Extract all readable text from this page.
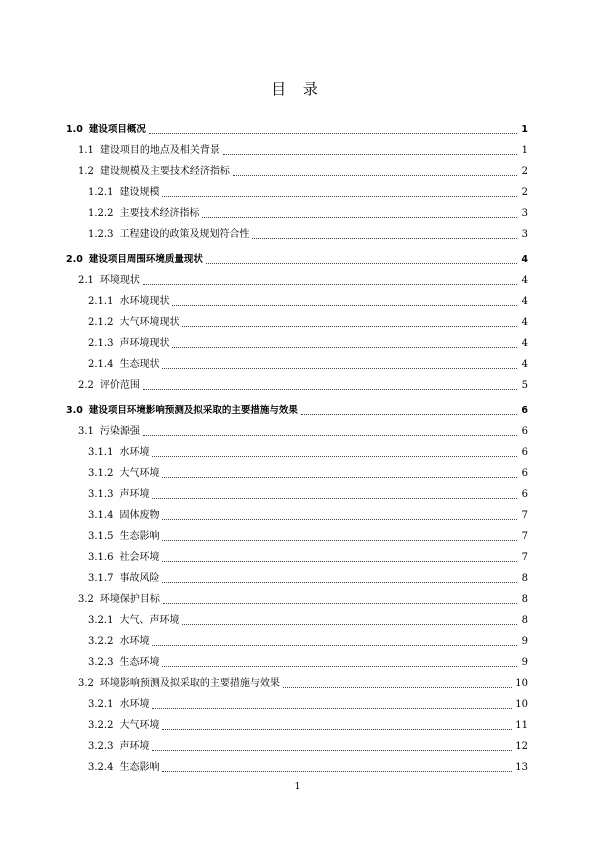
目 录
1.0 建设项目概况	1
1.1 建设项目的地点及相关背景	1
1.2 建设规模及主要技术经济指标	2
1.2.1 建设规模	2
1.2.2 主要技术经济指标	3
1.2.3 工程建设的政策及规划符合性	3
2.0 建设项目周围环境质量现状	4
2.1 环境现状	4
2.1.1 水环境现状	4
2.1.2 大气环境现状	4
2.1.3 声环境现状	4
2.1.4 生态现状	4
2.2 评价范围	5
3.0 建设项目环境影响预测及拟采取的主要措施与效果	6
3.1 污染源强	6
3.1.1 水环境	6
3.1.2 大气环境	6
3.1.3 声环境	6
3.1.4 固体废物	7
3.1.5 生态影响	7
3.1.6 社会环境	7
3.1.7 事故风险	8
3.2 环境保护目标	8
3.2.1 大气、声环境	8
3.2.2 水环境	9
3.2.3 生态环境	9
3.2 环境影响预测及拟采取的主要措施与效果	10
3.2.1 水环境	10
3.2.2 大气环境	11
3.2.3 声环境	12
3.2.4 生态影响	13
1
